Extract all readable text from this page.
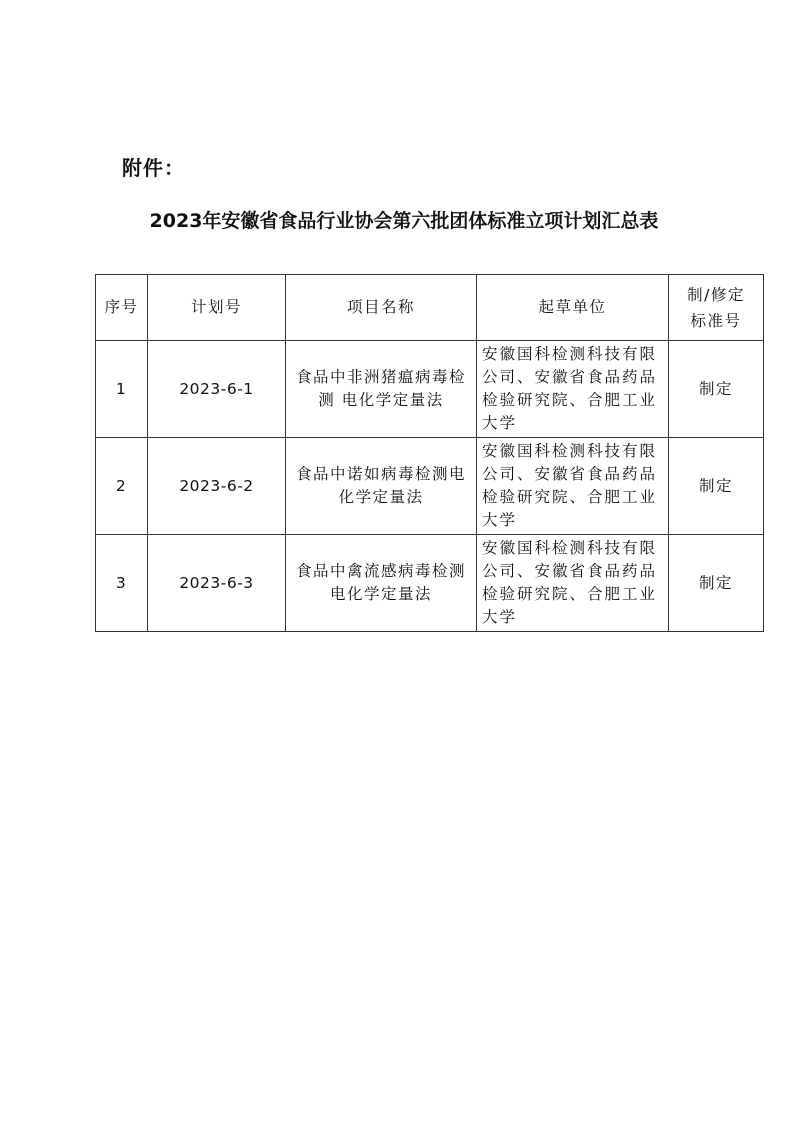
附件：

2023年安徽省食品行业协会第六批团体标准立项计划汇总表
序号	计划号	项目名称	起草单位	制/修定标准号
1	2023-6-1	食品中非洲猪瘟病毒检测 电化学定量法	安徽国科检测科技有限公司、安徽省食品药品检验研究院、合肥工业大学	制定
2	2023-6-2	食品中诺如病毒检测电化学定量法	安徽国科检测科技有限公司、安徽省食品药品检验研究院、合肥工业大学	制定
3	2023-6-3	食品中禽流感病毒检测 电化学定量法	安徽国科检测科技有限公司、安徽省食品药品检验研究院、合肥工业大学	制定
